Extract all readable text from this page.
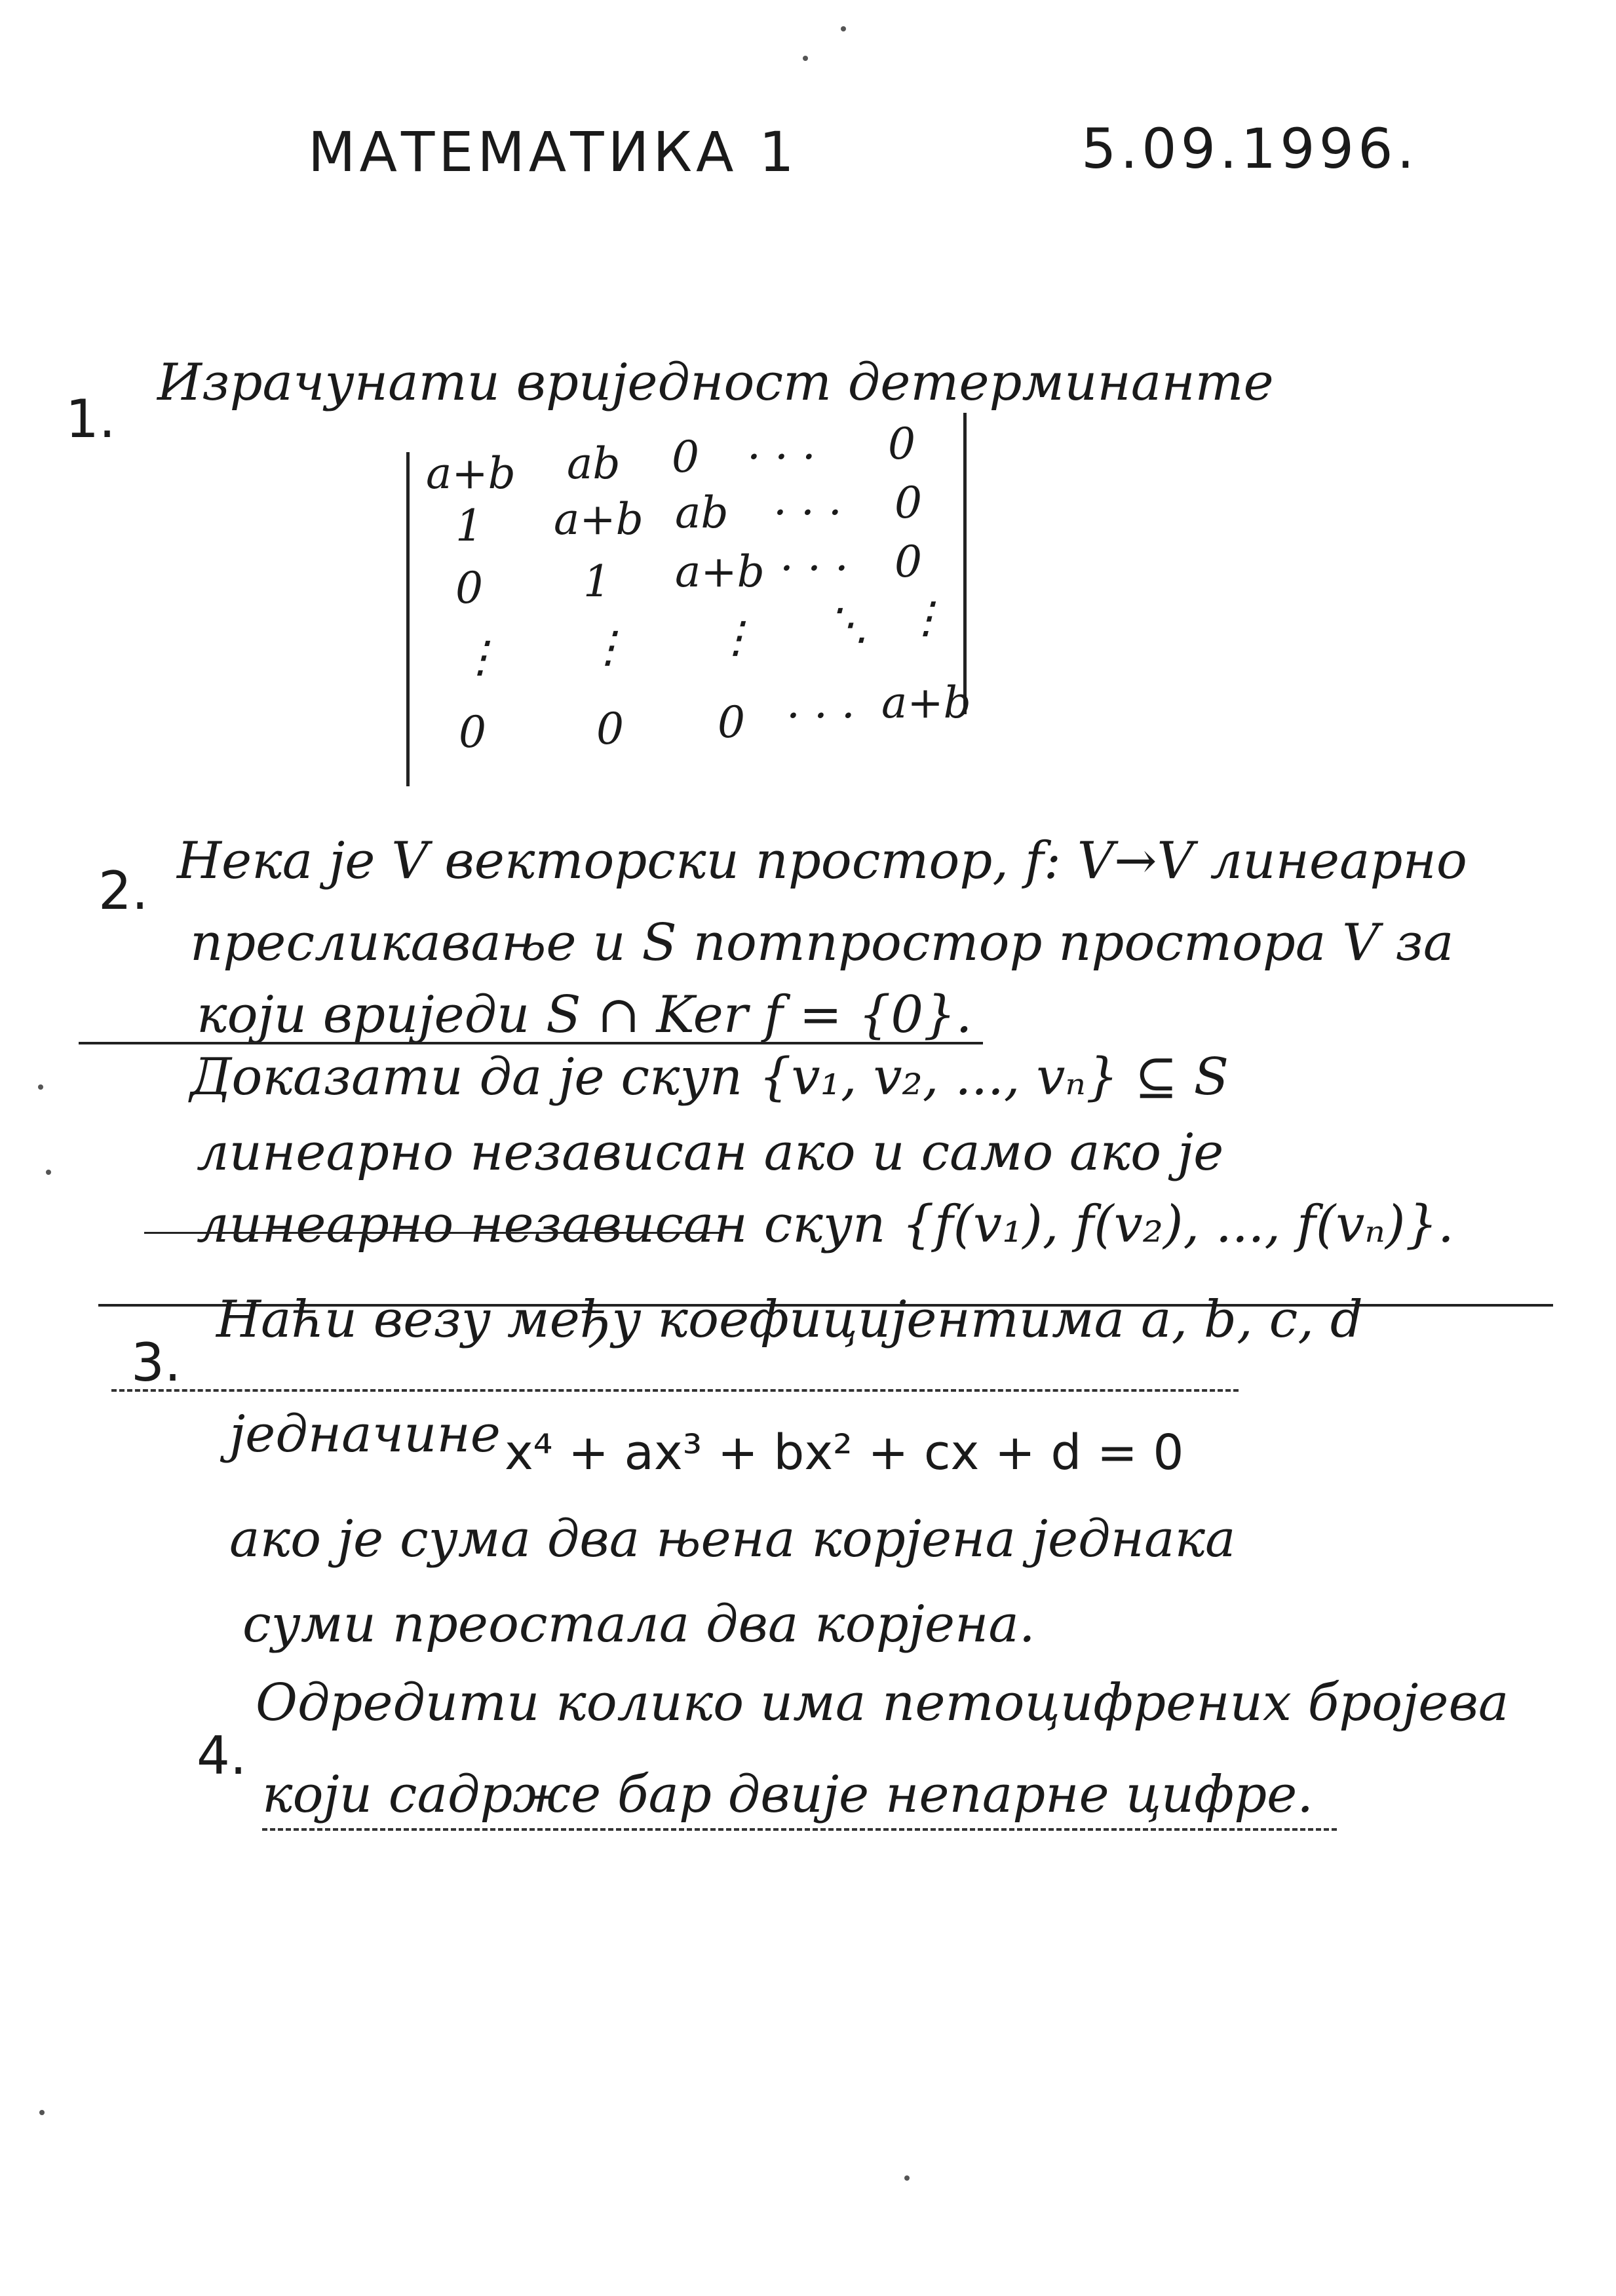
МАТЕМАТИКА 1	5.09.1996.
1.
Израчунати вриједност детерминанте
a+b ab 0 · · · 0
1 a+b ab · · · 0
0 1 a+b · · · 0
⋮ ⋮ ⋮ ⋱ ⋮
0	0 0 · · · a+b
2. Нека је V векторски простор, f: V→V линеарно
пресликавање и S потпростор простора V за
који вриједи S ∩ Ker f = {0}.
Доказати да је скуп {v₁, v₂, ..., vₙ} ⊆ S
линеарно независан ако и само ако је
линеарно независан скуп {f(v₁), f(v₂), ..., f(vₙ)}.
3.
Наћи везу међу коефицијентима a, b, c, d
једначине x⁴ + ax³ + bx² + cx + d = 0
ако је сума два њена корјена једнака
суми преостала два корјена.
4.
Одредити колико има петоцифрених бројева
који садрже бар двије непарне цифре.
